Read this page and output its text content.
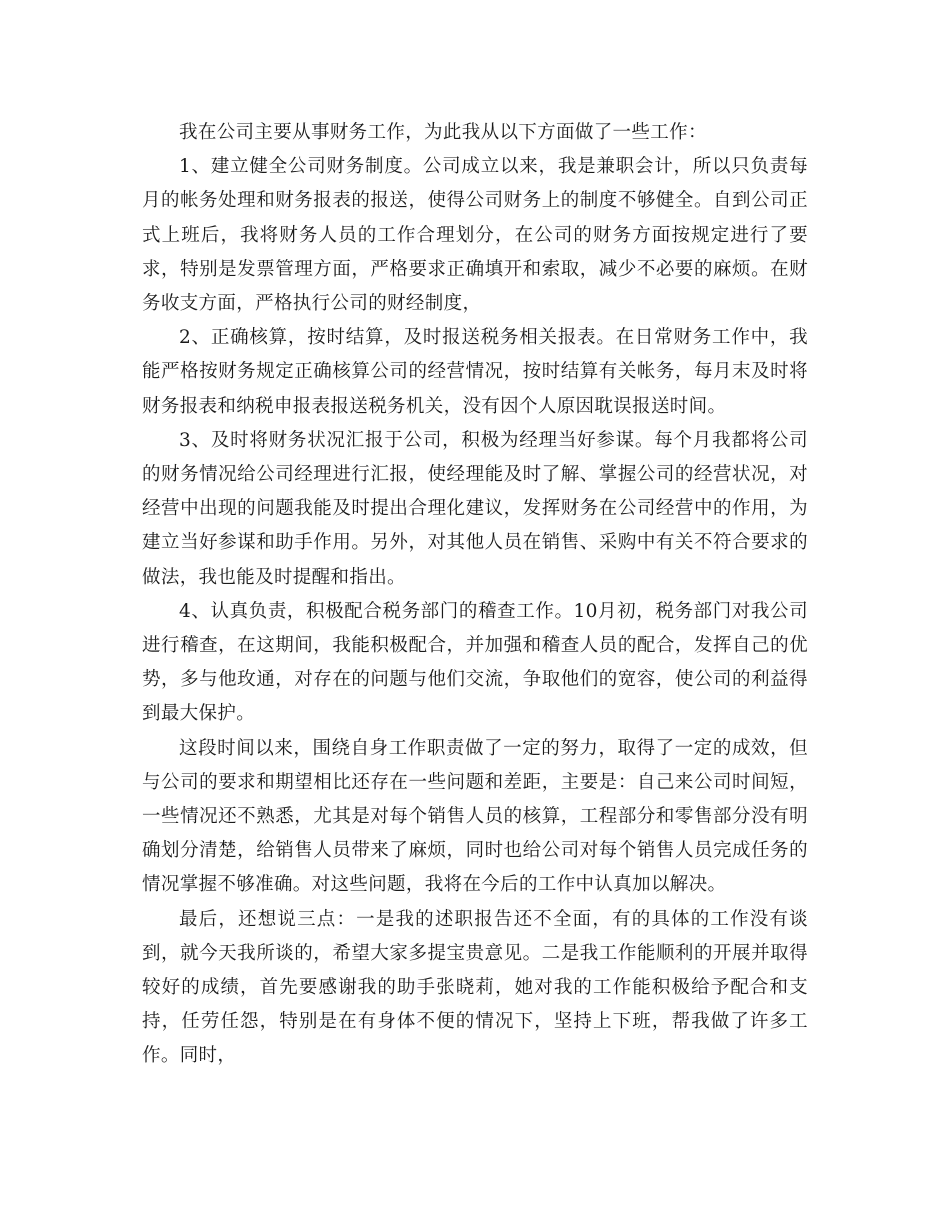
我在公司主要从事财务工作，为此我从以下方面做了一些工作：

1、建立健全公司财务制度。公司成立以来，我是兼职会计，所以只负责每月的帐务处理和财务报表的报送，使得公司财务上的制度不够健全。自到公司正式上班后，我将财务人员的工作合理划分，在公司的财务方面按规定进行了要求，特别是发票管理方面，严格要求正确填开和索取，减少不必要的麻烦。在财务收支方面，严格执行公司的财经制度，

2、正确核算，按时结算，及时报送税务相关报表。在日常财务工作中，我能严格按财务规定正确核算公司的经营情况，按时结算有关帐务，每月末及时将财务报表和纳税申报表报送税务机关，没有因个人原因耽误报送时间。

3、及时将财务状况汇报于公司，积极为经理当好参谋。每个月我都将公司的财务情况给公司经理进行汇报，使经理能及时了解、掌握公司的经营状况，对经营中出现的问题我能及时提出合理化建议，发挥财务在公司经营中的作用，为建立当好参谋和助手作用。另外，对其他人员在销售、采购中有关不符合要求的做法，我也能及时提醒和指出。

4、认真负责，积极配合税务部门的稽查工作。10月初，税务部门对我公司进行稽查，在这期间，我能积极配合，并加强和稽查人员的配合，发挥自己的优势，多与他玫通，对存在的问题与他们交流，争取他们的宽容，使公司的利益得到最大保护。

这段时间以来，围绕自身工作职责做了一定的努力，取得了一定的成效，但与公司的要求和期望相比还存在一些问题和差距，主要是：自己来公司时间短，一些情况还不熟悉，尤其是对每个销售人员的核算，工程部分和零售部分没有明确划分清楚，给销售人员带来了麻烦，同时也给公司对每个销售人员完成任务的情况掌握不够准确。对这些问题，我将在今后的工作中认真加以解决。

最后，还想说三点：一是我的述职报告还不全面，有的具体的工作没有谈到，就今天我所谈的，希望大家多提宝贵意见。二是我工作能顺利的开展并取得较好的成绩，首先要感谢我的助手张晓莉，她对我的工作能积极给予配合和支持，任劳任怨，特别是在有身体不便的情况下，坚持上下班，帮我做了许多工作。同时，
